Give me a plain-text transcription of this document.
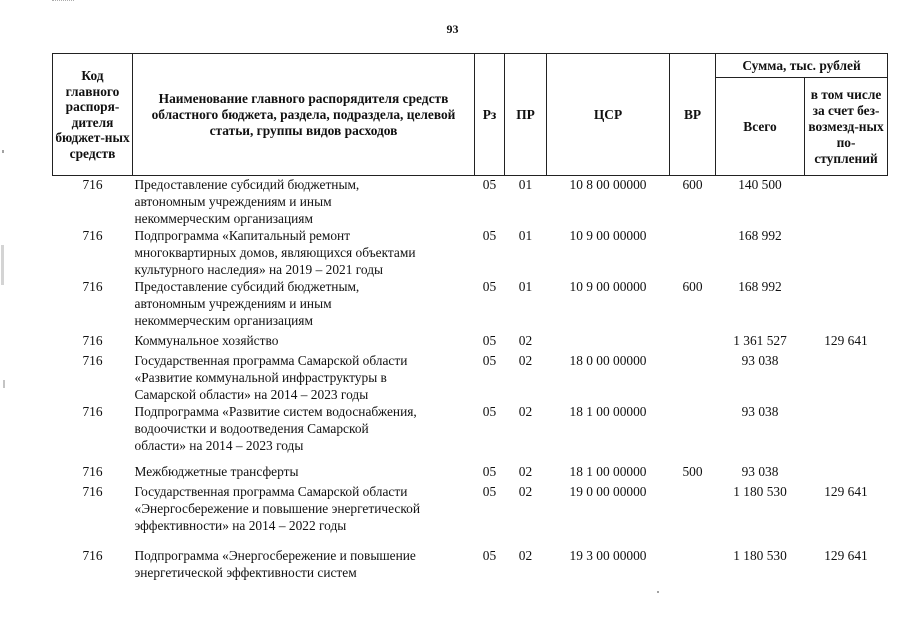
93
Код главного распоря-дителя бюджет-ных средств	Наименование главного распорядителя средств областного бюджета, раздела, подраздела, целевой статьи, группы видов расходов	Рз	ПР	ЦСР	ВР	Сумма, тыс. рублей	
						Всего	в том числе за счет без-возмезд-ных по-ступлений
716	Предоставление субсидий бюджетным,
автономным учреждениям и иным
некоммерческим организациям	05	01	10 8 00 00000	600	140 500	
716	Подпрограмма «Капитальный ремонт
многоквартирных домов, являющихся объектами
культурного наследия» на 2019 – 2021 годы	05	01	10 9 00 00000		168 992	
716	Предоставление субсидий бюджетным,
автономным учреждениям и иным
некоммерческим организациям	05	01	10 9 00 00000	600	168 992	
716	Коммунальное хозяйство	05	02			1 361 527	129 641
716	Государственная программа Самарской области
«Развитие коммунальной инфраструктуры в
Самарской области» на 2014 – 2023 годы	05	02	18 0 00 00000		93 038	
716	Подпрограмма «Развитие систем водоснабжения,
водоочистки и водоотведения Самарской
области» на 2014 – 2023 годы	05	02	18 1 00 00000		93 038	
716	Межбюджетные трансферты	05	02	18 1 00 00000	500	93 038	
716	Государственная программа Самарской области
«Энергосбережение и повышение энергетической
эффективности» на 2014 – 2022 годы	05	02	19 0 00 00000		1 180 530	129 641
716	Подпрограмма «Энергосбережение и повышение
энергетической эффективности систем	05	02	19 3 00 00000		1 180 530	129 641
